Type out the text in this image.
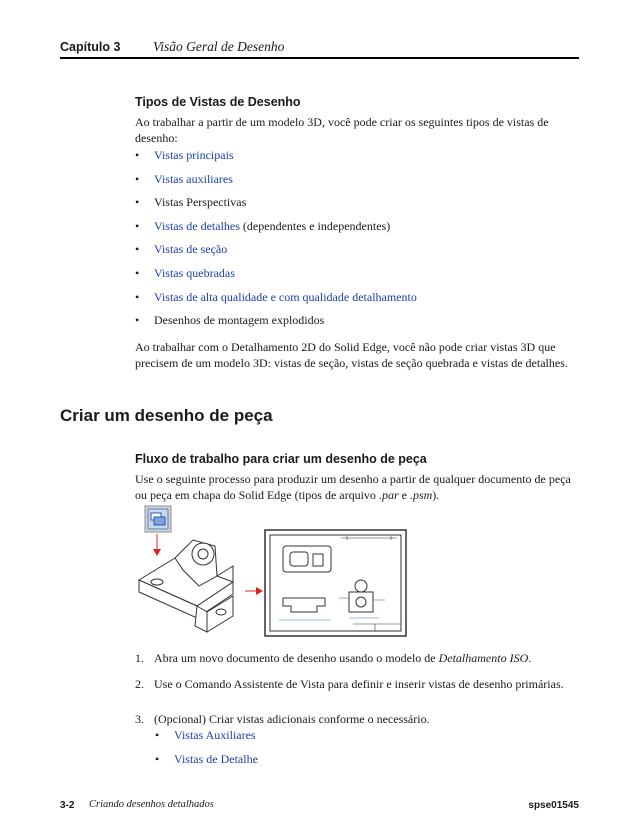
Capítulo 3 Visão Geral de Desenho
Tipos de Vistas de Desenho
Ao trabalhar a partir de um modelo 3D, você pode criar os seguintes tipos de vistas de desenho:
• Vistas principais
• Vistas auxiliares
• Vistas Perspectivas
• Vistas de detalhes (dependentes e independentes)
• Vistas de seção
• Vistas quebradas
• Vistas de alta qualidade e com qualidade detalhamento
• Desenhos de montagem explodidos
Ao trabalhar com o Detalhamento 2D do Solid Edge, você não pode criar vistas 3D que precisem de um modelo 3D: vistas de seção, vistas de seção quebrada e vistas de detalhes.
Criar um desenho de peça
Fluxo de trabalho para criar um desenho de peça
Use o seguinte processo para produzir um desenho a partir de qualquer documento de peça ou peça em chapa do Solid Edge (tipos de arquivo .par e .psm).
1. Abra um novo documento de desenho usando o modelo de Detalhamento ISO.
2. Use o Comando Assistente de Vista para definir e inserir vistas de desenho primárias.
3. (Opcional) Criar vistas adicionais conforme o necessário.
• Vistas Auxiliares
• Vistas de Detalhe
3-2 Criando desenhos detalhados	spse01545
